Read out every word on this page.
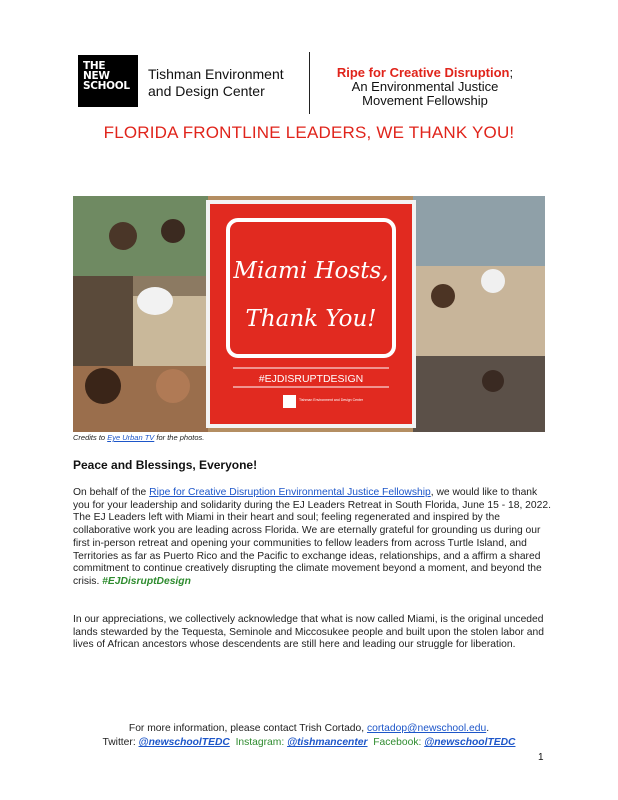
THE
NEW
SCHOOL
Tishman Environment
and Design Center
Ripe for Creative Disruption;
An Environmental Justice
Movement Fellowship
FLORIDA FRONTLINE LEADERS, WE THANK YOU!
Miami Hosts,
Thank You!
#EJDISRUPTDESIGN
Tishman Environment and Design Center
Credits to Eye Urban TV for the photos.
Peace and Blessings, Everyone!
On behalf of the Ripe for Creative Disruption Environmental Justice Fellowship, we would like to thank you for your leadership and solidarity during the EJ Leaders Retreat in South Florida, June 15 - 18, 2022. The EJ Leaders left with Miami in their heart and soul; feeling regenerated and inspired by the collaborative work you are leading across Florida. We are eternally grateful for grounding us during our first in-person retreat and opening your communities to fellow leaders from across Turtle Island, and Territories as far as Puerto Rico and the Pacific to exchange ideas, relationships, and a affirm a shared commitment to continue creatively disrupting the climate movement beyond a moment, and beyond the crisis. #EJDisruptDesign
In our appreciations, we collectively acknowledge that what is now called Miami, is the original unceded lands stewarded by the Tequesta, Seminole and Miccosukee people and built upon the stolen labor and lives of African ancestors whose descendents are still here and leading our struggle for liberation.
For more information, please contact Trish Cortado, cortadop@newschool.edu.
Twitter: @newschoolTEDC Instagram: @tishmancenter Facebook: @newschoolTEDC
1
